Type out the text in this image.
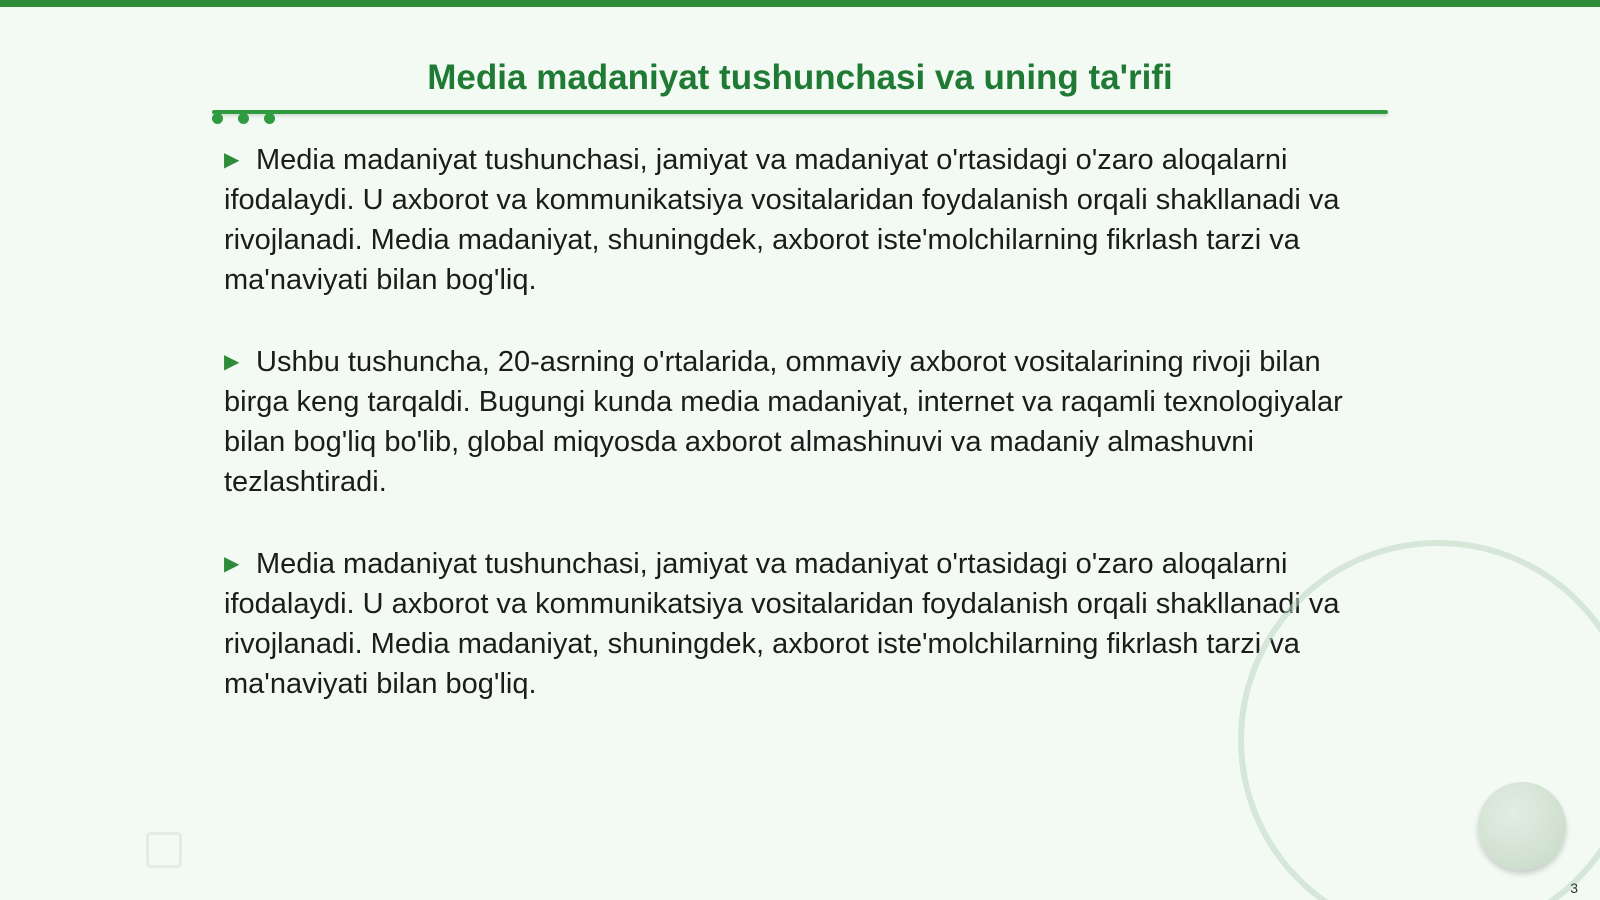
Media madaniyat tushunchasi va uning ta'rifi

▶ Media madaniyat tushunchasi, jamiyat va madaniyat o'rtasidagi o'zaro aloqalarni ifodalaydi. U axborot va kommunikatsiya vositalaridan foydalanish orqali shakllanadi va rivojlanadi. Media madaniyat, shuningdek, axborot iste'molchilarning fikrlash tarzi va ma'naviyati bilan bog'liq.

▶ Ushbu tushuncha, 20-asrning o'rtalarida, ommaviy axborot vositalarining rivoji bilan birga keng tarqaldi. Bugungi kunda media madaniyat, internet va raqamli texnologiyalar bilan bog'liq bo'lib, global miqyosda axborot almashinuvi va madaniy almashuvni tezlashtiradi.

▶ Media madaniyat tushunchasi, jamiyat va madaniyat o'rtasidagi o'zaro aloqalarni ifodalaydi. U axborot va kommunikatsiya vositalaridan foydalanish orqali shakllanadi va rivojlanadi. Media madaniyat, shuningdek, axborot iste'molchilarning fikrlash tarzi va ma'naviyati bilan bog'liq.

3
